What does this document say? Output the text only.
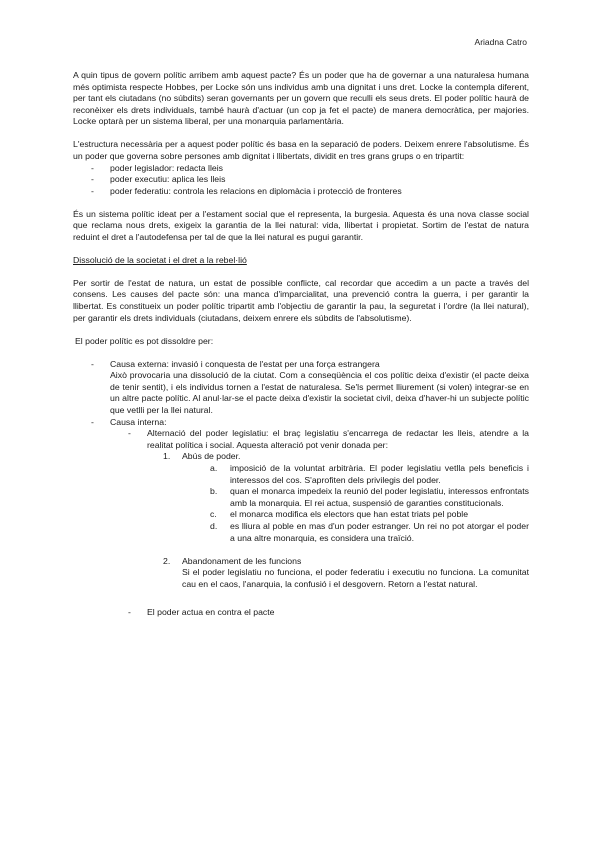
Ariadna Catro

A quin tipus de govern polític arribem amb aquest pacte? És un poder que ha de governar a una naturalesa humana més optimista respecte Hobbes, per Locke són uns individus amb una dignitat i uns dret. Locke la contempla diferent, per tant els ciutadans (no súbdits) seran governants per un govern que reculli els seus drets. El poder polític haurà de reconèixer els drets individuals, també haurà d'actuar (un cop ja fet el pacte) de manera democràtica, per majories. Locke optarà per un sistema liberal, per una monarquia parlamentària.

L'estructura necessària per a aquest poder polític és basa en la separació de poders. Deixem enrere l'absolutisme. És un poder que governa sobre persones amb dignitat i llibertats, dividit en tres grans grups o en tripartit:

- poder legislador: redacta lleis
- poder executiu: aplica les lleis
- poder federatiu: controla les relacions en diplomàcia i protecció de fronteres

És un sistema polític ideat per a l'estament social que el representa, la burgesia. Aquesta és una nova classe social que reclama nous drets, exigeix la garantia de la llei natural: vida, llibertat i propietat. Sortim de l'estat de natura reduint el dret a l'autodefensa per tal de que la llei natural es pugui garantir.

Dissolució de la societat i el dret a la rebel·lió

Per sortir de l'estat de natura, un estat de possible conflicte, cal recordar que accedim a un pacte a través del consens. Les causes del pacte són: una manca d'imparcialitat, una prevenció contra la guerra, i per garantir la llibertat. Es constitueix un poder polític tripartit amb l'objectiu de garantir la pau, la seguretat i l'ordre (la llei natural), per garantir els drets individuals (ciutadans, deixem enrere els súbdits de l'absolutisme).

El poder polític es pot dissoldre per:

- Causa externa: invasió i conquesta de l'estat per una força estrangera
Això provocaria una dissolució de la ciutat. Com a conseqüència el cos polític deixa d'existir (el pacte deixa de tenir sentit), i els individus tornen a l'estat de naturalesa. Se'ls permet lliurement (si volen) integrar-se en un altre pacte polític. Al anul·lar-se el pacte deixa d'existir la societat civil, deixa d'haver-hi un subjecte polític que vetlli per la llei natural.
- Causa interna:
- Alternació del poder legislatiu: el braç legislatiu s'encarrega de redactar les lleis, atendre a la realitat política i social. Aquesta alteració pot venir donada per:
1. Abús de poder.
a. imposició de la voluntat arbitrària. El poder legislatiu vetlla pels beneficis i interessos del cos. S'aprofiten dels privilegis del poder.
b. quan el monarca impedeix la reunió del poder legislatiu, interessos enfrontats amb la monarquia. El rei actua, suspensió de garanties constitucionals.
c. el monarca modifica els electors que han estat triats pel poble
d. es lliura al poble en mas d'un poder estranger. Un rei no pot atorgar el poder a una altre monarquia, es considera una traïció.
2. Abandonament de les funcions
Si el poder legislatiu no funciona, el poder federatiu i executiu no funciona. La comunitat cau en el caos, l'anarquia, la confusió i el desgovern. Retorn a l'estat natural.
- El poder actua en contra el pacte
